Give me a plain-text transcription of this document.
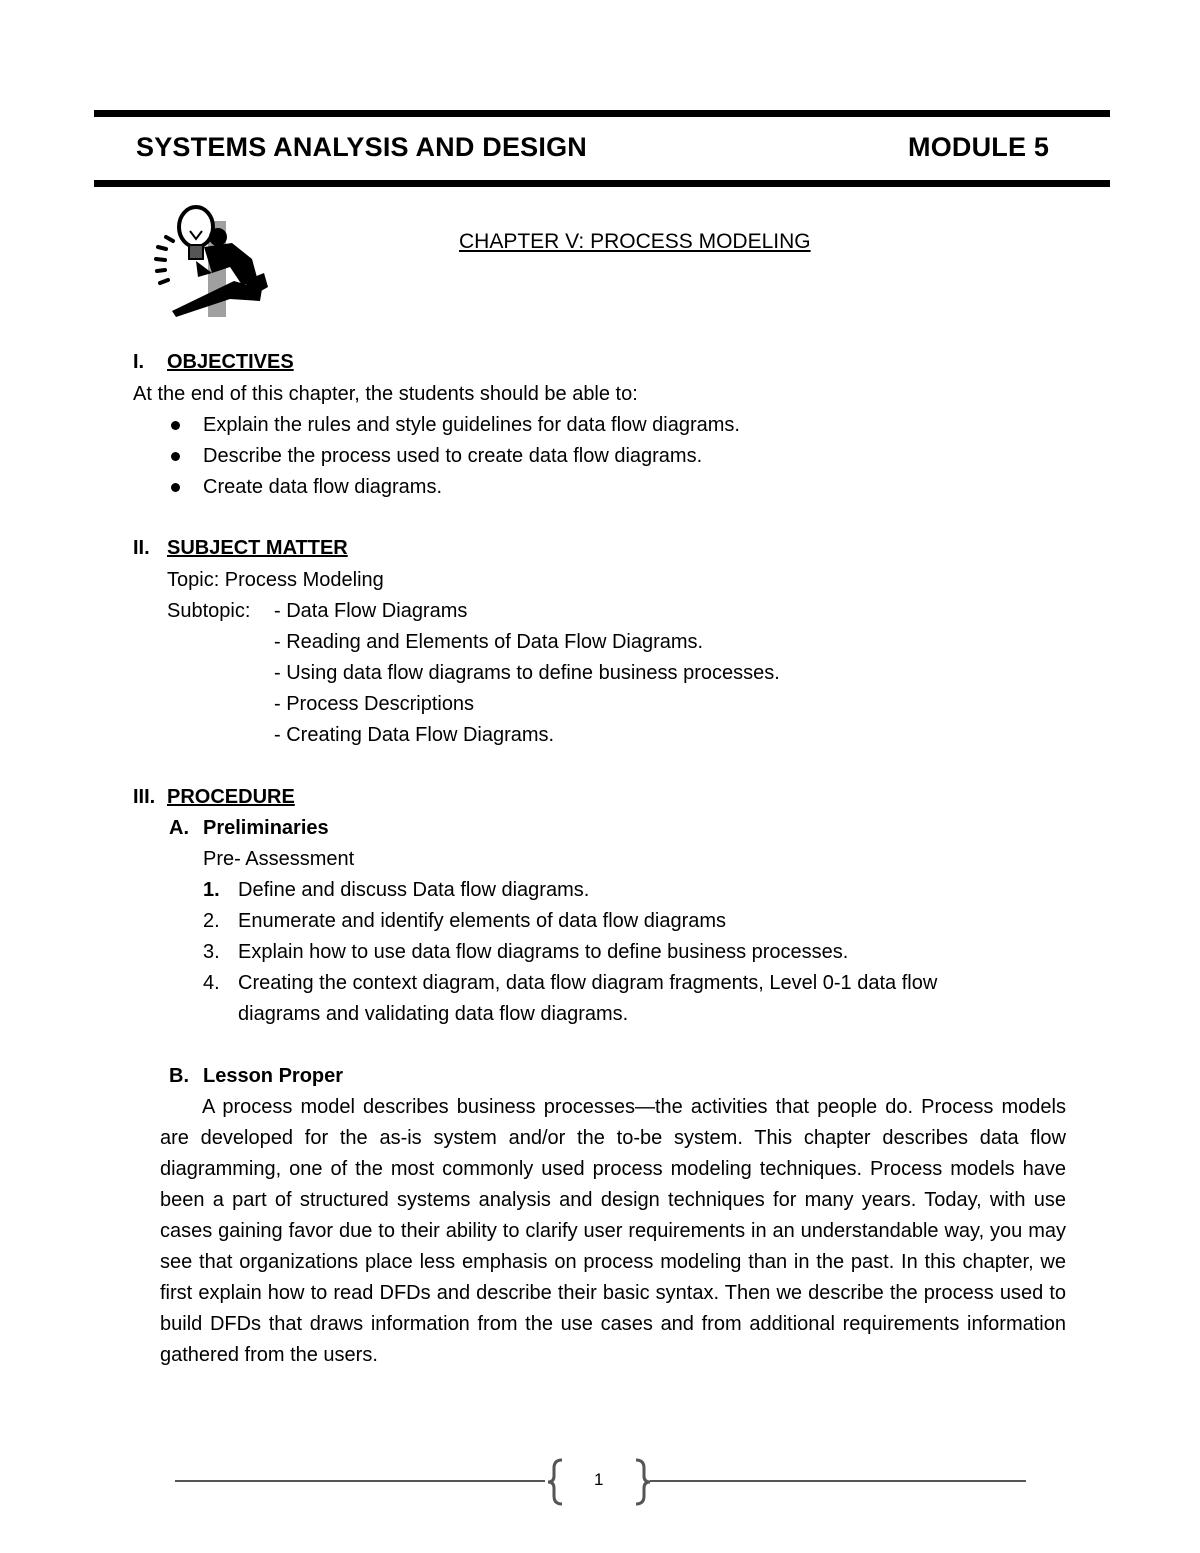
SYSTEMS ANALYSIS AND DESIGN	MODULE 5
CHAPTER V: PROCESS MODELING
I. OBJECTIVES
At the end of this chapter, the students should be able to:
Explain the rules and style guidelines for data flow diagrams.
Describe the process used to create data flow diagrams.
Create data flow diagrams.
II. SUBJECT MATTER
Topic: Process Modeling
Subtopic: - Data Flow Diagrams
- Reading and Elements of Data Flow Diagrams.
- Using data flow diagrams to define business processes.
- Process Descriptions
- Creating Data Flow Diagrams.
III. PROCEDURE
A. Preliminaries
Pre- Assessment
1. Define and discuss Data flow diagrams.
2. Enumerate and identify elements of data flow diagrams
3. Explain how to use data flow diagrams to define business processes.
4. Creating the context diagram, data flow diagram fragments, Level 0-1 data flow
diagrams and validating data flow diagrams.
B. Lesson Proper
A process model describes business processes—the activities that people do. Process models are developed for the as-is system and/or the to-be system. This chapter describes data flow diagramming, one of the most commonly used process modeling techniques. Process models have been a part of structured systems analysis and design techniques for many years. Today, with use cases gaining favor due to their ability to clarify user requirements in an understandable way, you may see that organizations place less emphasis on process modeling than in the past. In this chapter, we first explain how to read DFDs and describe their basic syntax. Then we describe the process used to build DFDs that draws information from the use cases and from additional requirements information gathered from the users.
1
